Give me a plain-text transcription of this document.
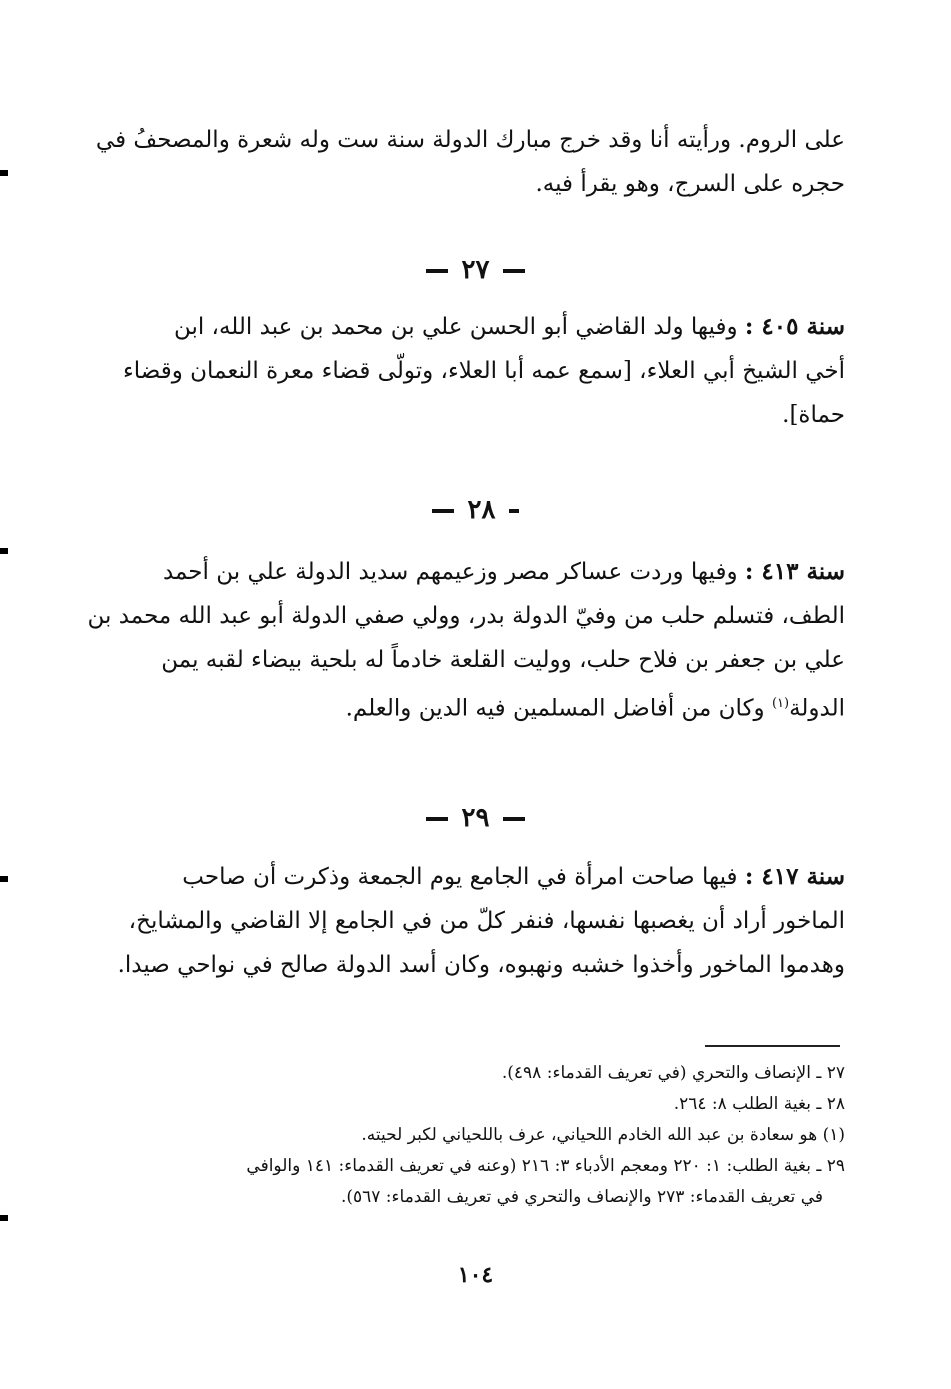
على الروم. ورأيته أنا وقد خرج مبارك الدولة سنة ست وله شعرة والمصحفُ في
حجره على السرج، وهو يقرأ فيه.
٢٧
سنة ٤٠٥ : وفيها ولد القاضي أبو الحسن علي بن محمد بن عبد الله، ابن
أخي الشيخ أبي العلاء، [سمع عمه أبا العلاء، وتولّى قضاء معرة النعمان وقضاء
حماة].
٢٨
سنة ٤١٣ : وفيها وردت عساكر مصر وزعيمهم سديد الدولة علي بن أحمد
الطف، فتسلم حلب من وفيّ الدولة بدر، وولي صفي الدولة أبو عبد الله محمد بن
علي بن جعفر بن فلاح حلب، ووليت القلعة خادماً له بلحية بيضاء لقبه يمن
الدولة$^{(١)}$ وكان من أفاضل المسلمين فيه الدين والعلم.
٢٩
سنة ٤١٧ : فيها صاحت امرأة في الجامع يوم الجمعة وذكرت أن صاحب
الماخور أراد أن يغصبها نفسها، فنفر كلّ من في الجامع إلا القاضي والمشايخ،
وهدموا الماخور وأخذوا خشبه ونهبوه، وكان أسد الدولة صالح في نواحي صيدا.
٢٧ ـ الإنصاف والتحري (في تعريف القدماء: ٤٩٨).
٢٨ ـ بغية الطلب ٨: ٢٦٤.
(١) هو سعادة بن عبد الله الخادم اللحياني، عرف باللحياني لكبر لحيته.
٢٩ ـ بغية الطلب: ١: ٢٢٠ ومعجم الأدباء ٣: ٢١٦ (وعنه في تعريف القدماء: ١٤١ والوافي
في تعريف القدماء: ٢٧٣ والإنصاف والتحري في تعريف القدماء: ٥٦٧).
١٠٤
